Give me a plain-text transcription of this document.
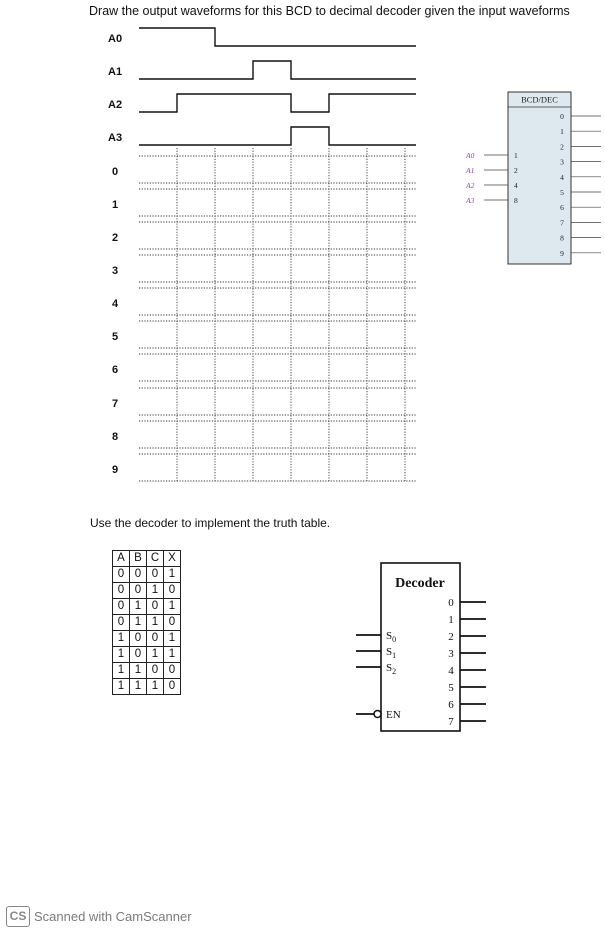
Draw the output waveforms for this BCD to decimal decoder given the input waveforms
A0
A1
A2
A3
0
1
2
3
4
5
6
7
8
9
BCD/DEC
A0	1
A1	2
A2	4
A3	8
0
1
2
3
4
5
6
7
8
9
Use the decoder to implement the truth table.
A	B	C	X
0	0	0	1
0	0	1	0
0	1	0	1
0	1	1	0
1	0	0	1
1	0	1	1
1	1	0	0
1	1	1	0
Decoder
$S_0$
$S_1$
$S_2$
0
1
2
3
4
5
6
7
EN
CS Scanned with CamScanner
